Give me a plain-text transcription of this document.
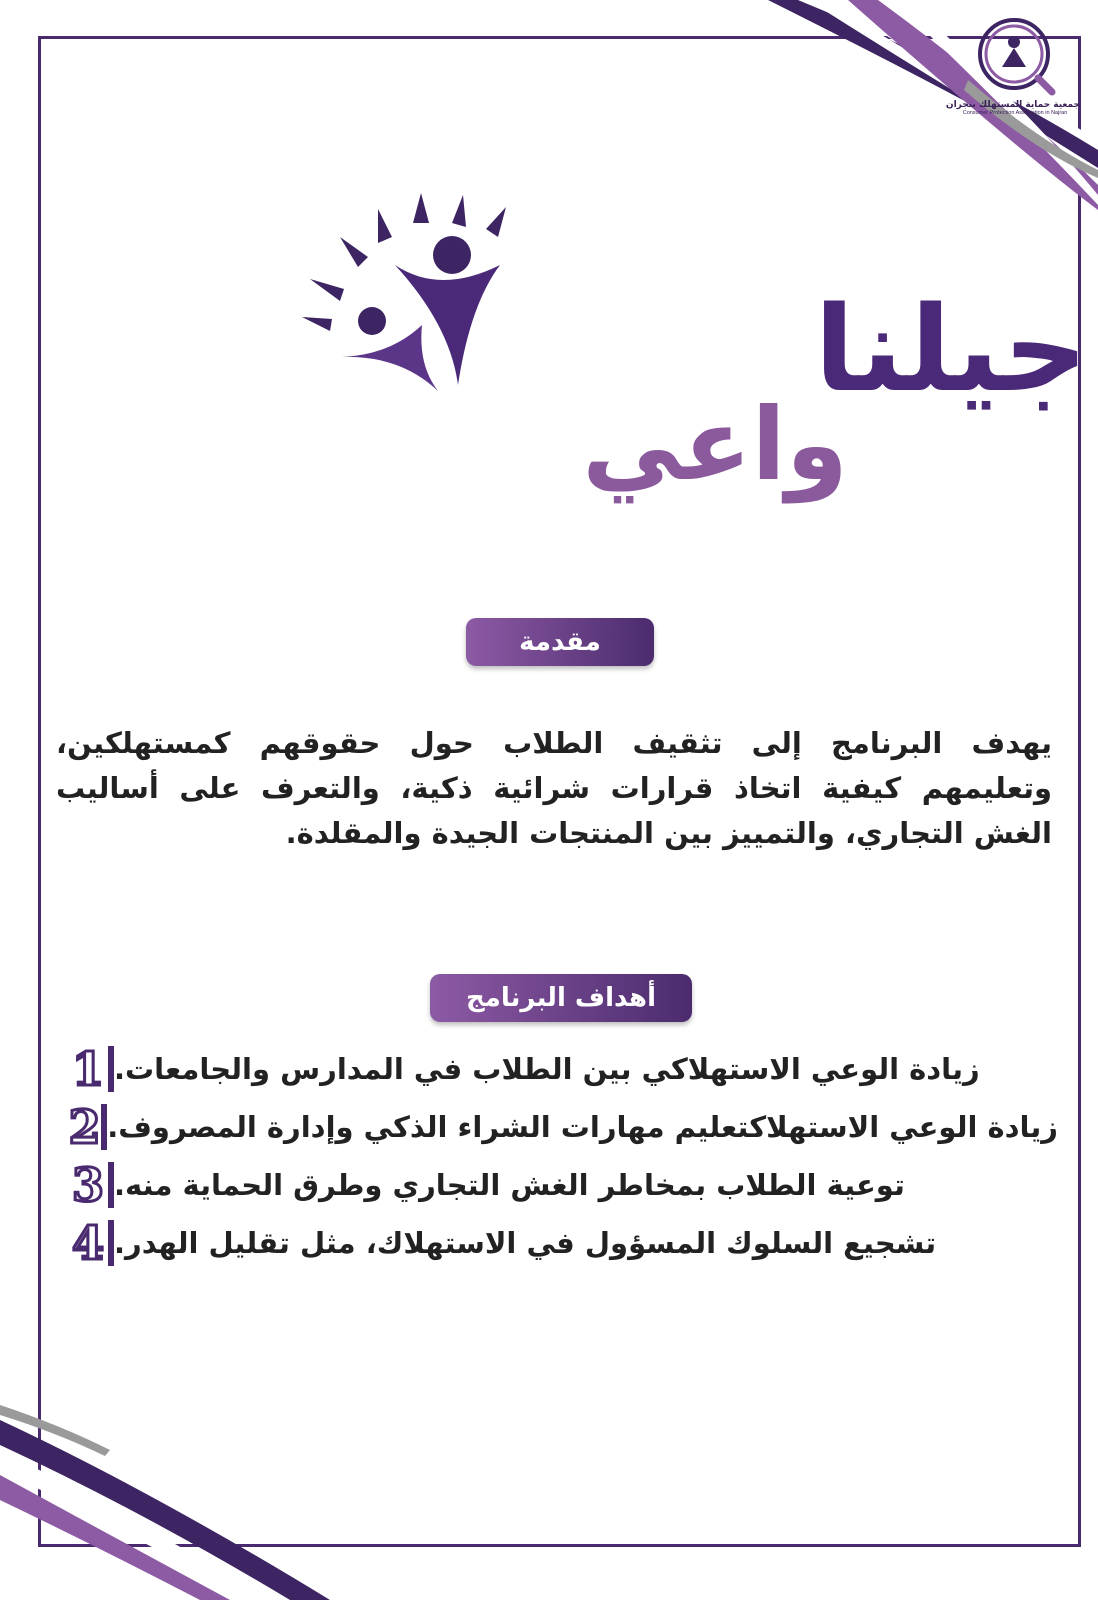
جمعية حماية المستهلك بنجران
Consumer Protection Association in Najran
جيلنا
واعي
مقدمة

يهدف البرنامج إلى تثقيف الطلاب حول حقوقهم كمستهلكين، وتعليمهم كيفية اتخاذ قرارات شرائية ذكية، والتعرف على أساليب الغش التجاري، والتمييز بين المنتجات الجيدة والمقلدة.

أهداف البرنامج
1 زيادة الوعي الاستهلاكي بين الطلاب في المدارس والجامعات.
2 زيادة الوعي الاستهلاكتعليم مهارات الشراء الذكي وإدارة المصروف.
3 توعية الطلاب بمخاطر الغش التجاري وطرق الحماية منه.
4 تشجيع السلوك المسؤول في الاستهلاك، مثل تقليل الهدر.
